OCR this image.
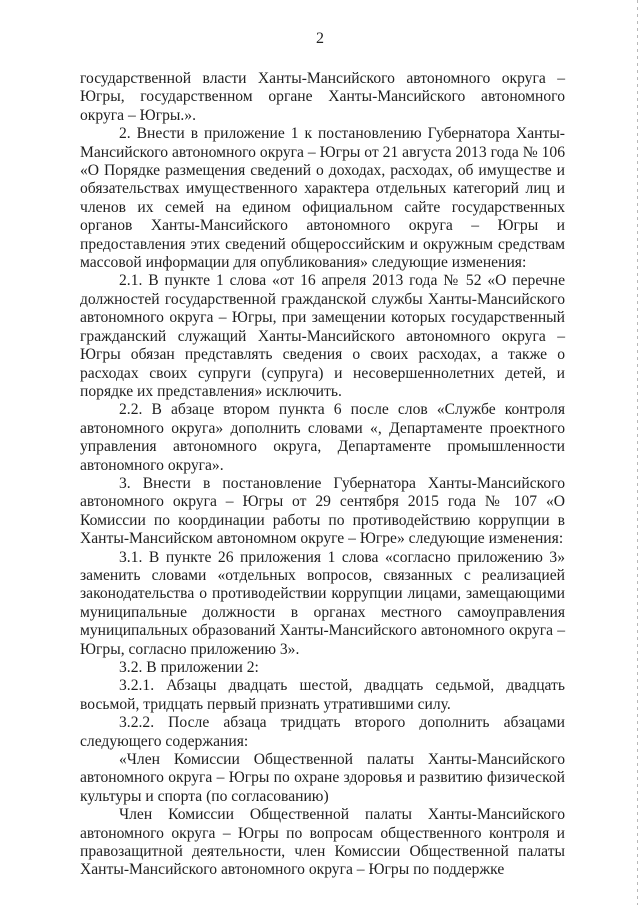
2

государственной власти Ханты-Мансийского автономного округа – Югры, государственном органе Ханты-Мансийского автономного округа – Югры.».

2. Внести в приложение 1 к постановлению Губернатора Ханты-Мансийского автономного округа – Югры от 21 августа 2013 года № 106 «О Порядке размещения сведений о доходах, расходах, об имуществе и обязательствах имущественного характера отдельных категорий лиц и членов их семей на едином официальном сайте государственных органов Ханты-Мансийского автономного округа – Югры и предоставления этих сведений общероссийским и окружным средствам массовой информации для опубликования» следующие изменения:

2.1. В пункте 1 слова «от 16 апреля 2013 года № 52 «О перечне должностей государственной гражданской службы Ханты-Мансийского автономного округа – Югры, при замещении которых государственный гражданский служащий Ханты-Мансийского автономного округа – Югры обязан представлять сведения о своих расходах, а также о расходах своих супруги (супруга) и несовершеннолетних детей, и порядке их представления» исключить.

2.2. В абзаце втором пункта 6 после слов «Службе контроля автономного округа» дополнить словами «, Департаменте проектного управления автономного округа, Департаменте промышленности автономного округа».

3. Внести в постановление Губернатора Ханты-Мансийского автономного округа – Югры от 29 сентября 2015 года № 107 «О Комиссии по координации работы по противодействию коррупции в Ханты-Мансийском автономном округе – Югре» следующие изменения:

3.1. В пункте 26 приложения 1 слова «согласно приложению 3» заменить словами «отдельных вопросов, связанных с реализацией законодательства о противодействии коррупции лицами, замещающими муниципальные должности в органах местного самоуправления муниципальных образований Ханты-Мансийского автономного округа – Югры, согласно приложению 3».

3.2. В приложении 2:

3.2.1. Абзацы двадцать шестой, двадцать седьмой, двадцать восьмой, тридцать первый признать утратившими силу.

3.2.2. После абзаца тридцать второго дополнить абзацами следующего содержания:

«Член Комиссии Общественной палаты Ханты-Мансийского автономного округа – Югры по охране здоровья и развитию физической культуры и спорта (по согласованию)

Член Комиссии Общественной палаты Ханты-Мансийского автономного округа – Югры по вопросам общественного контроля и правозащитной деятельности, член Комиссии Общественной палаты Ханты-Мансийского автономного округа – Югры по поддержке
